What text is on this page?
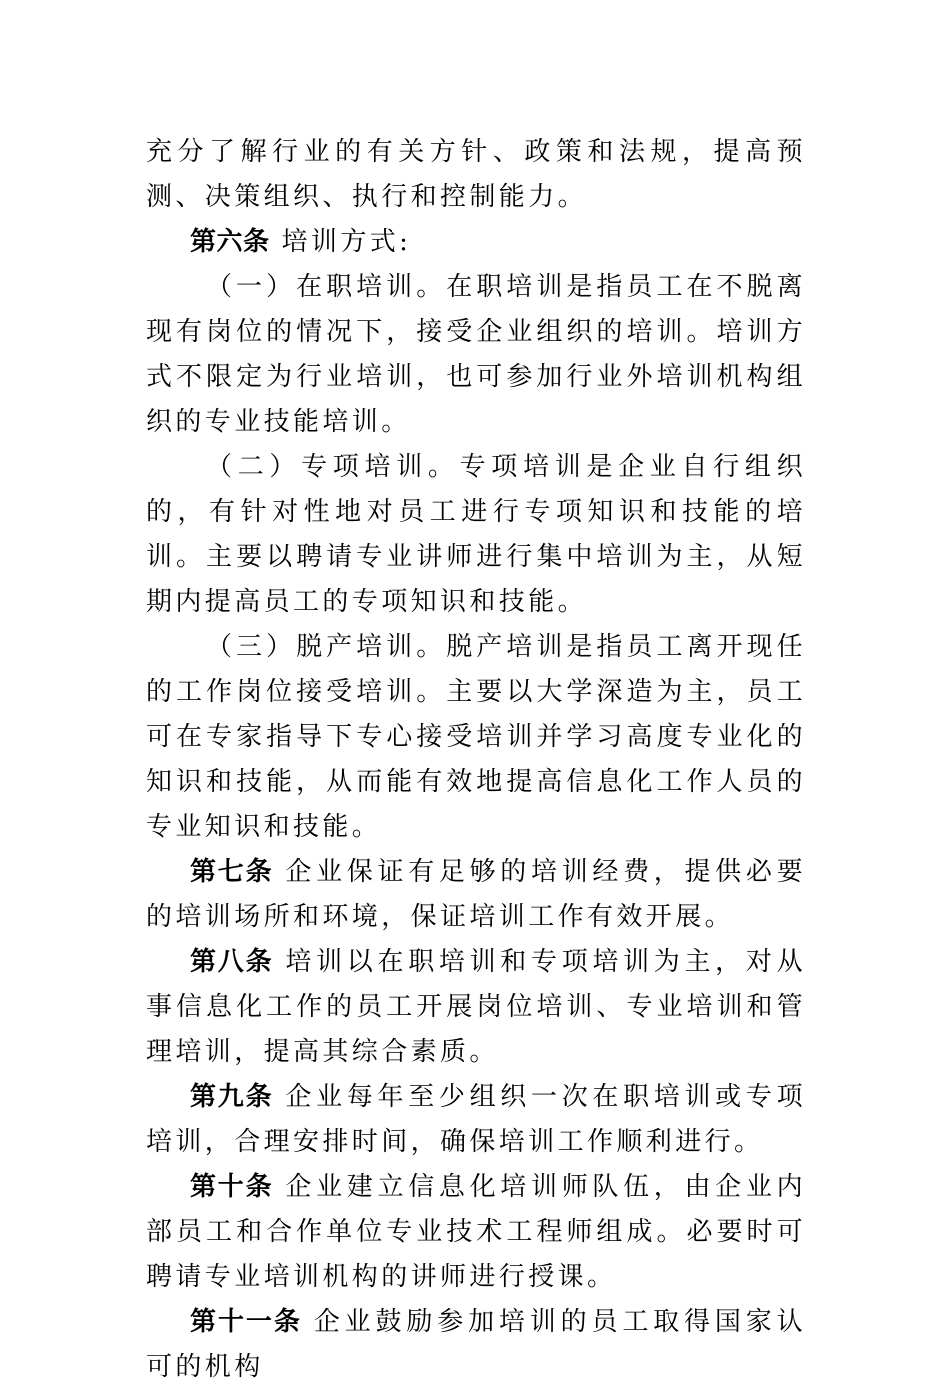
充分了解行业的有关方针、政策和法规，提高预测、决策组织、执行和控制能力。

第六条 培训方式:

（一）在职培训。在职培训是指员工在不脱离现有岗位的情况下，接受企业组织的培训。培训方式不限定为行业培训，也可参加行业外培训机构组织的专业技能培训。

（二）专项培训。专项培训是企业自行组织的，有针对性地对员工进行专项知识和技能的培训。主要以聘请专业讲师进行集中培训为主，从短期内提高员工的专项知识和技能。

（三）脱产培训。脱产培训是指员工离开现任的工作岗位接受培训。主要以大学深造为主，员工可在专家指导下专心接受培训并学习高度专业化的知识和技能，从而能有效地提高信息化工作人员的专业知识和技能。

第七条 企业保证有足够的培训经费，提供必要的培训场所和环境，保证培训工作有效开展。

第八条 培训以在职培训和专项培训为主，对从事信息化工作的员工开展岗位培训、专业培训和管理培训，提高其综合素质。

第九条 企业每年至少组织一次在职培训或专项培训，合理安排时间，确保培训工作顺利进行。

第十条 企业建立信息化培训师队伍，由企业内部员工和合作单位专业技术工程师组成。必要时可聘请专业培训机构的讲师进行授课。

第十一条 企业鼓励参加培训的员工取得国家认可的机构
